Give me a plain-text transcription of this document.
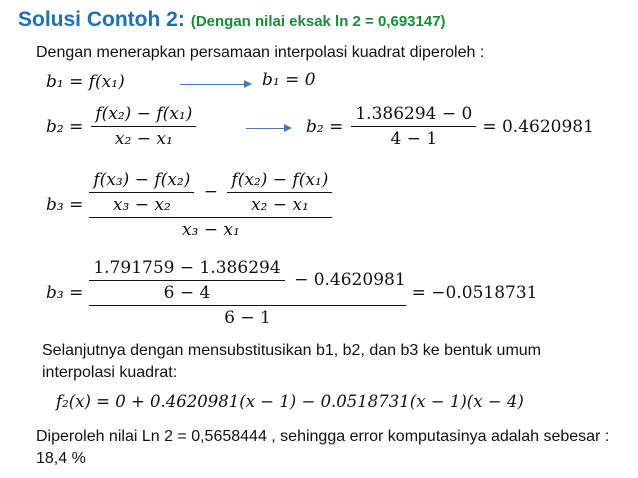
Solusi Contoh 2: (Dengan nilai eksak ln 2 = 0,693147)
Dengan menerapkan persamaan interpolasi kuadrat diperoleh :
b₁ = f(x₁)	b₁ = 0
$b_2 = \frac{\text{f(x₂) − f(x₁)}}{\text{x₂ − x₁}}$	$b_2 = \frac{1.386294 - 0}{4 - 1} = 0.4620981$
$b_3 = \frac{\text{f(x₃) − f(x₂)}}{\text{x₃ − x₂}} - \frac{\text{f(x₂) − f(x₁)}}{\text{x₂ − x₁}}$
x₃ − x₁
$b_3 = \frac{1.791759 - 1.386294}{6 - 4} - 0.4620981$
6 − 1
= −0.0518731
Selanjutnya dengan mensubstitusikan b1, b2, dan b3 ke bentuk umum interpolasi kuadrat:
f₂(x) = 0 + 0.4620981(x − 1) − 0.0518731(x − 1)(x − 4)
Diperoleh nilai Ln 2 = 0,5658444 , sehingga error komputasinya adalah sebesar : 18,4 %
